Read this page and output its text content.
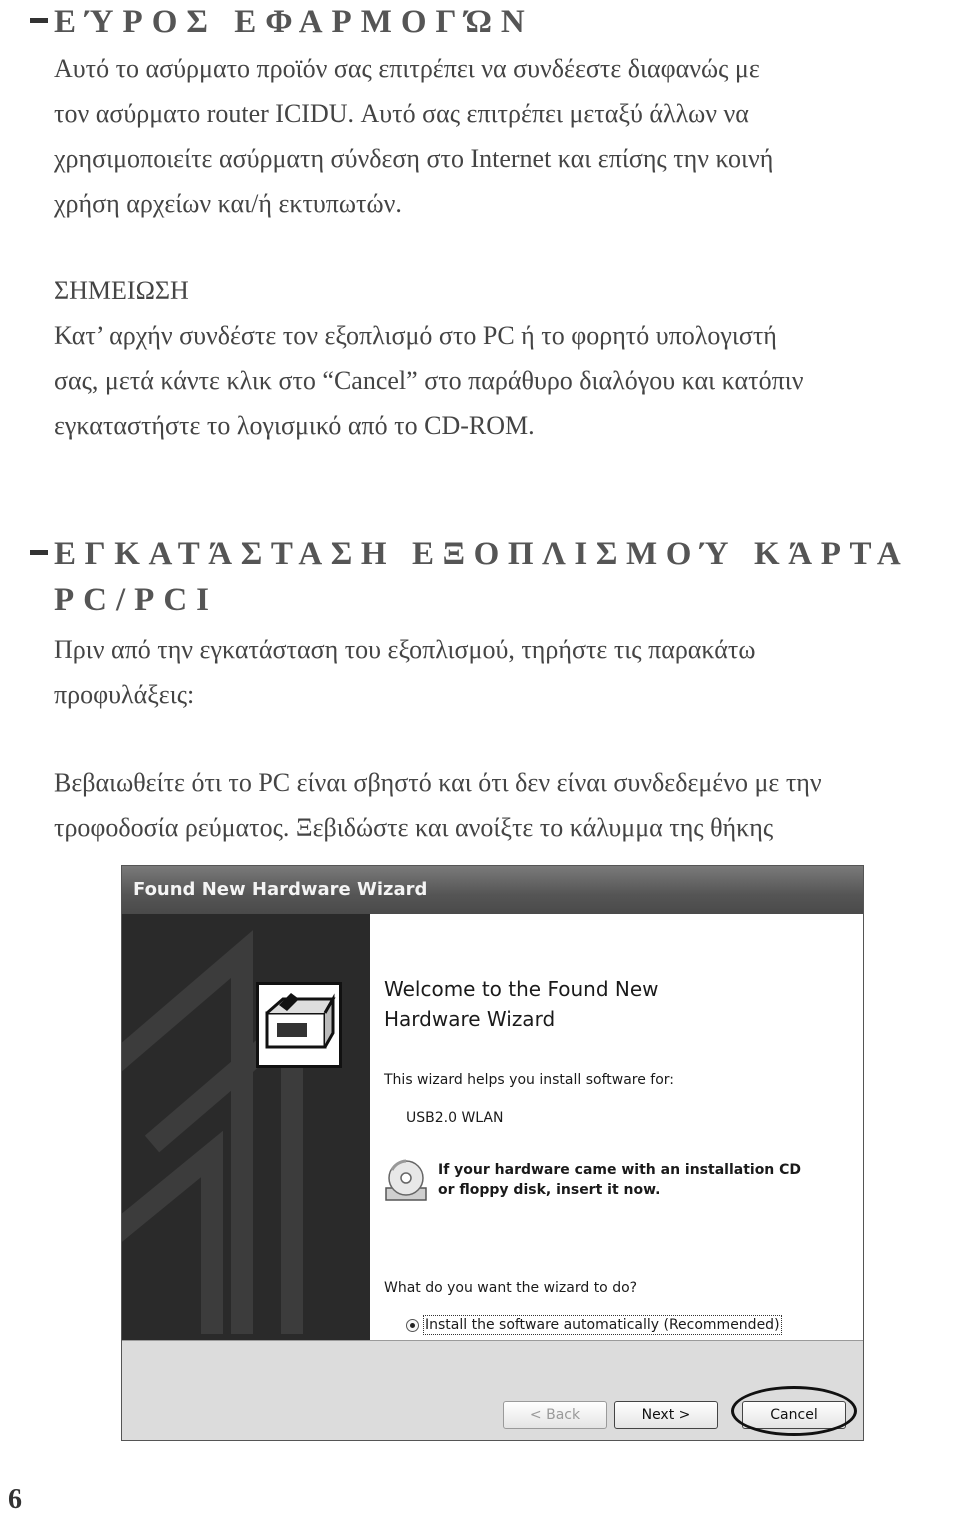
ΕΎΡΟΣ ΕΦΑΡΜΟΓΏΝ

Αυτό το ασύρματο προϊόν σας επιτρέπει να συνδέεστε διαφανώς με
τον ασύρματο router ICIDU. Αυτό σας επιτρέπει μεταξύ άλλων να
χρησιμοποιείτε ασύρματη σύνδεση στο Internet και επίσης την κοινή
χρήση αρχείων και/ή εκτυπωτών.

ΣΗΜΕΙΩΣΗ

Κατ’ αρχήν συνδέστε τον εξοπλισμό στο PC ή το φορητό υπολογιστή
σας, μετά κάντε κλικ στο “Cancel” στο παράθυρο διαλόγου και κατόπιν
εγκαταστήστε το λογισμικό από το CD-ROM.

ΕΓΚΑΤΆΣΤΑΣΗ ΕΞΟΠΛΙΣΜΟΎ ΚΆΡΤΑ

PC/PCI

Πριν από την εγκατάσταση του εξοπλισμού, τηρήστε τις παρακάτω
προφυλάξεις:

Βεβαιωθείτε ότι το PC είναι σβηστό και ότι δεν είναι συνδεδεμένο με την
τροφοδοσία ρεύματος. Ξεβιδώστε και ανοίξτε το κάλυμμα της θήκης

Found New Hardware Wizard
Welcome to the Found New
Hardware Wizard

This wizard helps you install software for:

USB2.0 WLAN

If your hardware came with an installation CD
or floppy disk, insert it now.

What do you want the wizard to do?

Install the software automatically (Recommended)

< Back	Next >	Cancel

6
